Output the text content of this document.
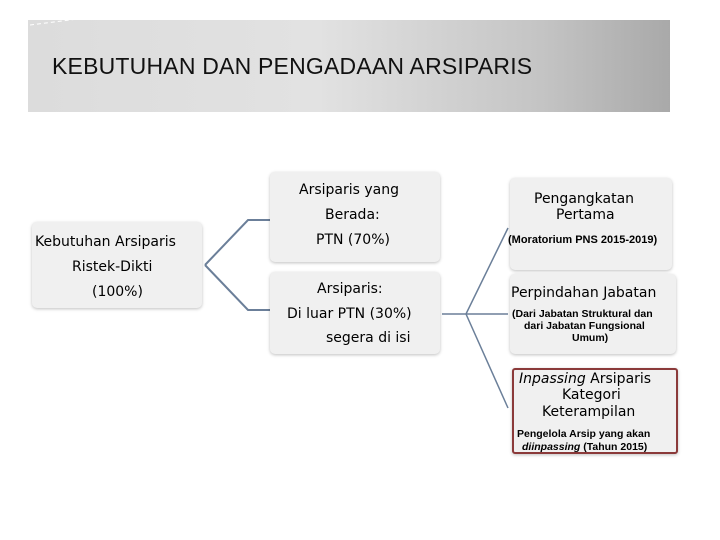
KEBUTUHAN DAN PENGADAAN ARSIPARIS
Kebutuhan Arsiparis
Ristek-Dikti
(100%)
Arsiparis yang
Berada:
PTN (70%)
Arsiparis:
Di luar PTN (30%)
segera di isi
Pengangkatan
Pertama
(Moratorium PNS 2015-2019)
Perpindahan Jabatan
(Dari Jabatan Struktural dan
dari Jabatan Fungsional
Umum)
Inpassing Arsiparis
Kategori
Keterampilan
Pengelola Arsip yang akan
diinpassing (Tahun 2015)
